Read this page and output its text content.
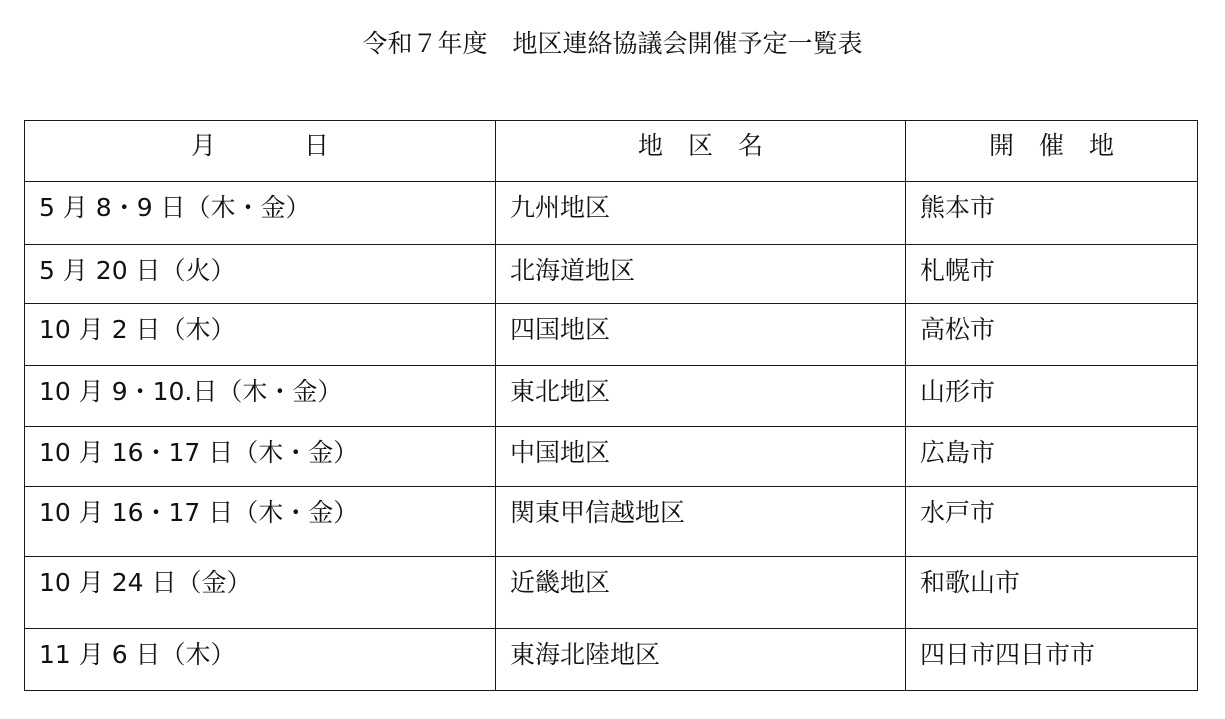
令和７年度　地区連絡協議会開催予定一覧表
月 日	地　区　名	開　催　地
5 月 8・9 日（木・金）	九州地区	熊本市
5 月 20 日（火）	北海道地区	札幌市
10 月 2 日（木）	四国地区	高松市
10 月 9・10.日（木・金）	東北地区	山形市
10 月 16・17 日（木・金）	中国地区	広島市
10 月 16・17 日（木・金）	関東甲信越地区	水戸市
10 月 24 日（金）	近畿地区	和歌山市
11 月 6 日（木）	東海北陸地区	四日市四日市市
